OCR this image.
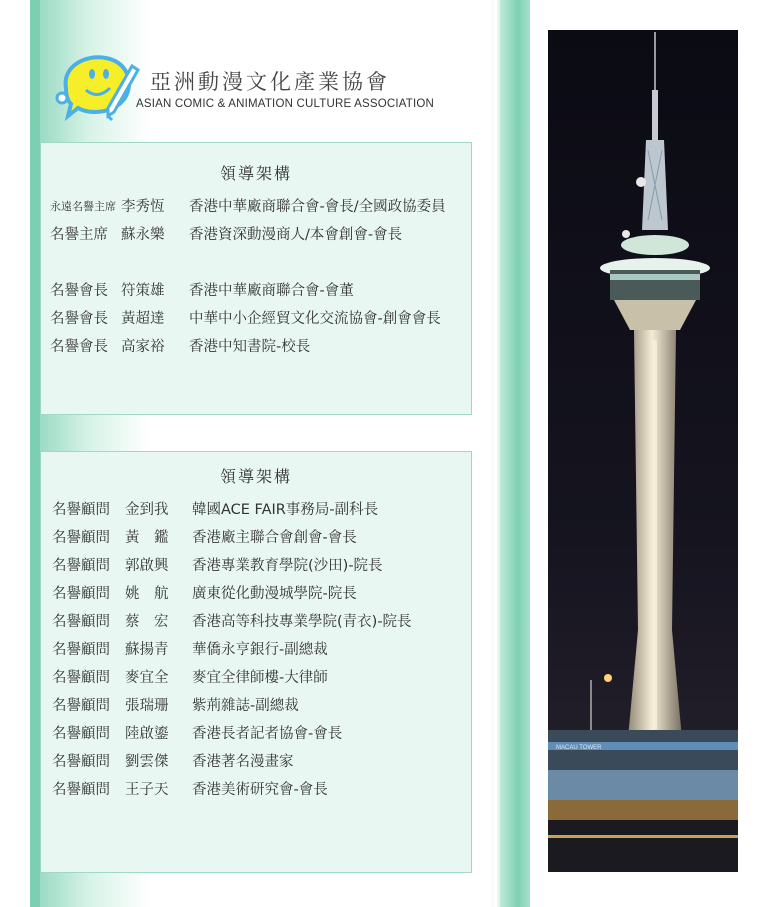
亞洲動漫文化產業協會
ASIAN COMIC & ANIMATION CULTURE ASSOCIATION
領導架構
永遠名譽主席 李秀恆 香港中華廠商聯合會-會長/全國政協委員
名譽主席 蘇永樂 香港資深動漫商人/本會創會-會長
名譽會長 符策雄 香港中華廠商聯合會-會董
名譽會長 黃超達 中華中小企經貿文化交流協會-創會會長
名譽會長 高家裕 香港中知書院-校長
領導架構
名譽顧問 金到我 韓國ACE FAIR事務局-副科長
名譽顧問 黃　鑑 香港廠主聯合會創會-會長
名譽顧問 郭啟興 香港專業教育學院(沙田)-院長
名譽顧問 姚　航 廣東從化動漫城學院-院長
名譽顧問 蔡　宏 香港高等科技專業學院(青衣)-院長
名譽顧問 蘇揚青 華僑永亨銀行-副總裁
名譽顧問 麥宜全 麥宜全律師樓-大律師
名譽顧問 張瑞珊 紫荊雜誌-副總裁
名譽顧問 陸啟鎏 香港長者記者協會-會長
名譽顧問 劉雲傑 香港著名漫畫家
名譽顧問 王子天 香港美術研究會-會長
MACAU TOWER
